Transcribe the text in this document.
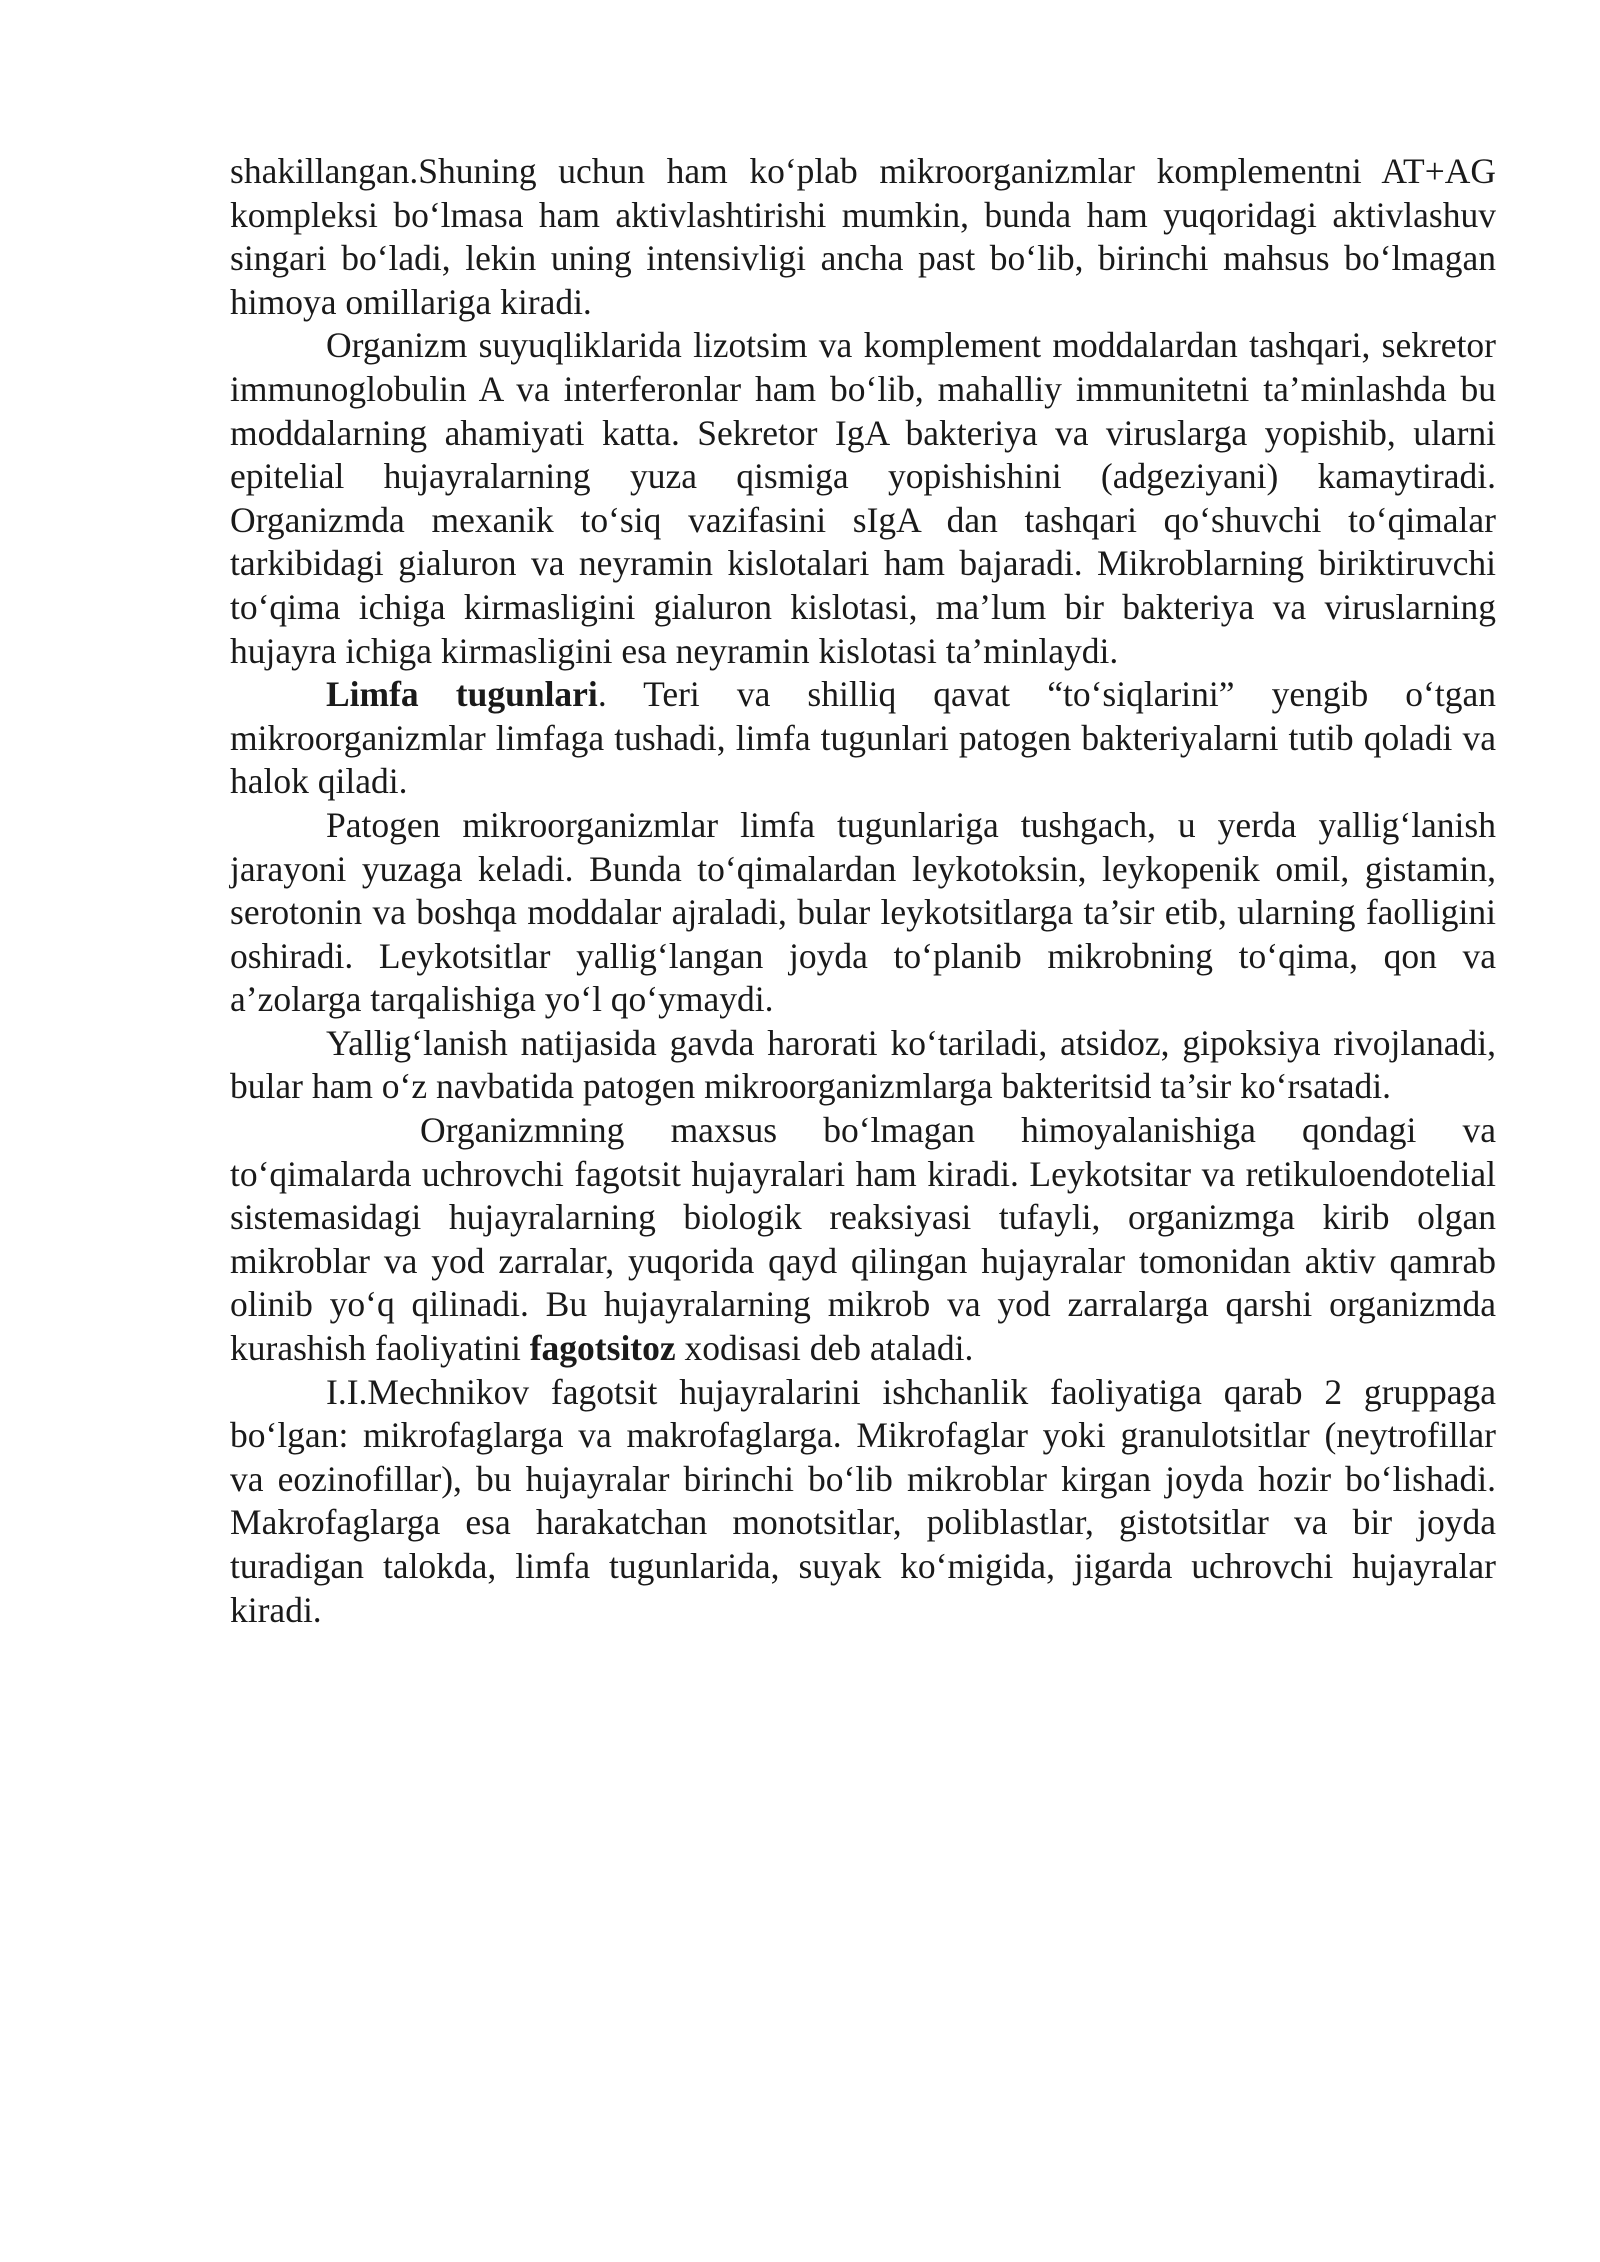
shakillangan.Shuning uchun ham ko‘plab mikroorganizmlar komplementni AT+AG kompleksi bo‘lmasa ham aktivlashtirishi mumkin, bunda ham yuqoridagi aktivlashuv singari bo‘ladi, lekin uning intensivligi ancha past bo‘lib, birinchi mahsus bo‘lmagan himoya omillariga kiradi.

Organizm suyuqliklarida lizotsim va komplement moddalardan tashqari, sekretor immunoglobulin A va interferonlar ham bo‘lib, mahalliy immunitetni ta’minlashda bu moddalarning ahamiyati katta. Sekretor IgA bakteriya va viruslarga yopishib, ularni epitelial hujayralarning yuza qismiga yopishishini (adgeziyani) kamaytiradi. Organizmda mexanik to‘siq vazifasini sIgA dan tashqari qo‘shuvchi to‘qimalar tarkibidagi gialuron va neyramin kislotalari ham bajaradi. Mikroblarning biriktiruvchi to‘qima ichiga kirmasligini gialuron kislotasi, ma’lum bir bakteriya va viruslarning hujayra ichiga kirmasligini esa neyramin kislotasi ta’minlaydi.

Limfa tugunlari. Teri va shilliq qavat “to‘siqlarini” yengib o‘tgan mikroorganizmlar limfaga tushadi, limfa tugunlari patogen bakteriyalarni tutib qoladi va halok qiladi.

Patogen mikroorganizmlar limfa tugunlariga tushgach, u yerda yallig‘lanish jarayoni yuzaga keladi. Bunda to‘qimalardan leykotoksin, leykopenik omil, gistamin, serotonin va boshqa moddalar ajraladi, bular leykotsitlarga ta’sir etib, ularning faolligini oshiradi. Leykotsitlar yallig‘langan joyda to‘planib mikrobning to‘qima, qon va a’zolarga tarqalishiga yo‘l qo‘ymaydi.

Yallig‘lanish natijasida gavda harorati ko‘tariladi, atsidoz, gipoksiya rivojlanadi, bular ham o‘z navbatida patogen mikroorganizmlarga bakteritsid ta’sir ko‘rsatadi.

Organizmning maxsus bo‘lmagan himoyalanishiga qondagi va to‘qimalarda uchrovchi fagotsit hujayralari ham kiradi. Leykotsitar va retikuloendotelial sistemasidagi hujayralarning biologik reaksiyasi tufayli, organizmga kirib olgan mikroblar va yod zarralar, yuqorida qayd qilingan hujayralar tomonidan aktiv qamrab olinib yo‘q qilinadi. Bu hujayralarning mikrob va yod zarralarga qarshi organizmda kurashish faoliyatini fagotsitoz xodisasi deb ataladi.

I.I.Mechnikov fagotsit hujayralarini ishchanlik faoliyatiga qarab 2 gruppaga bo‘lgan: mikrofaglarga va makrofaglarga. Mikrofaglar yoki granulotsitlar (neytrofillar va eozinofillar), bu hujayralar birinchi bo‘lib mikroblar kirgan joyda hozir bo‘lishadi. Makrofaglarga esa harakatchan monotsitlar, poliblastlar, gistotsitlar va bir joyda turadigan talokda, limfa tugunlarida, suyak ko‘migida, jigarda uchrovchi hujayralar kiradi.
